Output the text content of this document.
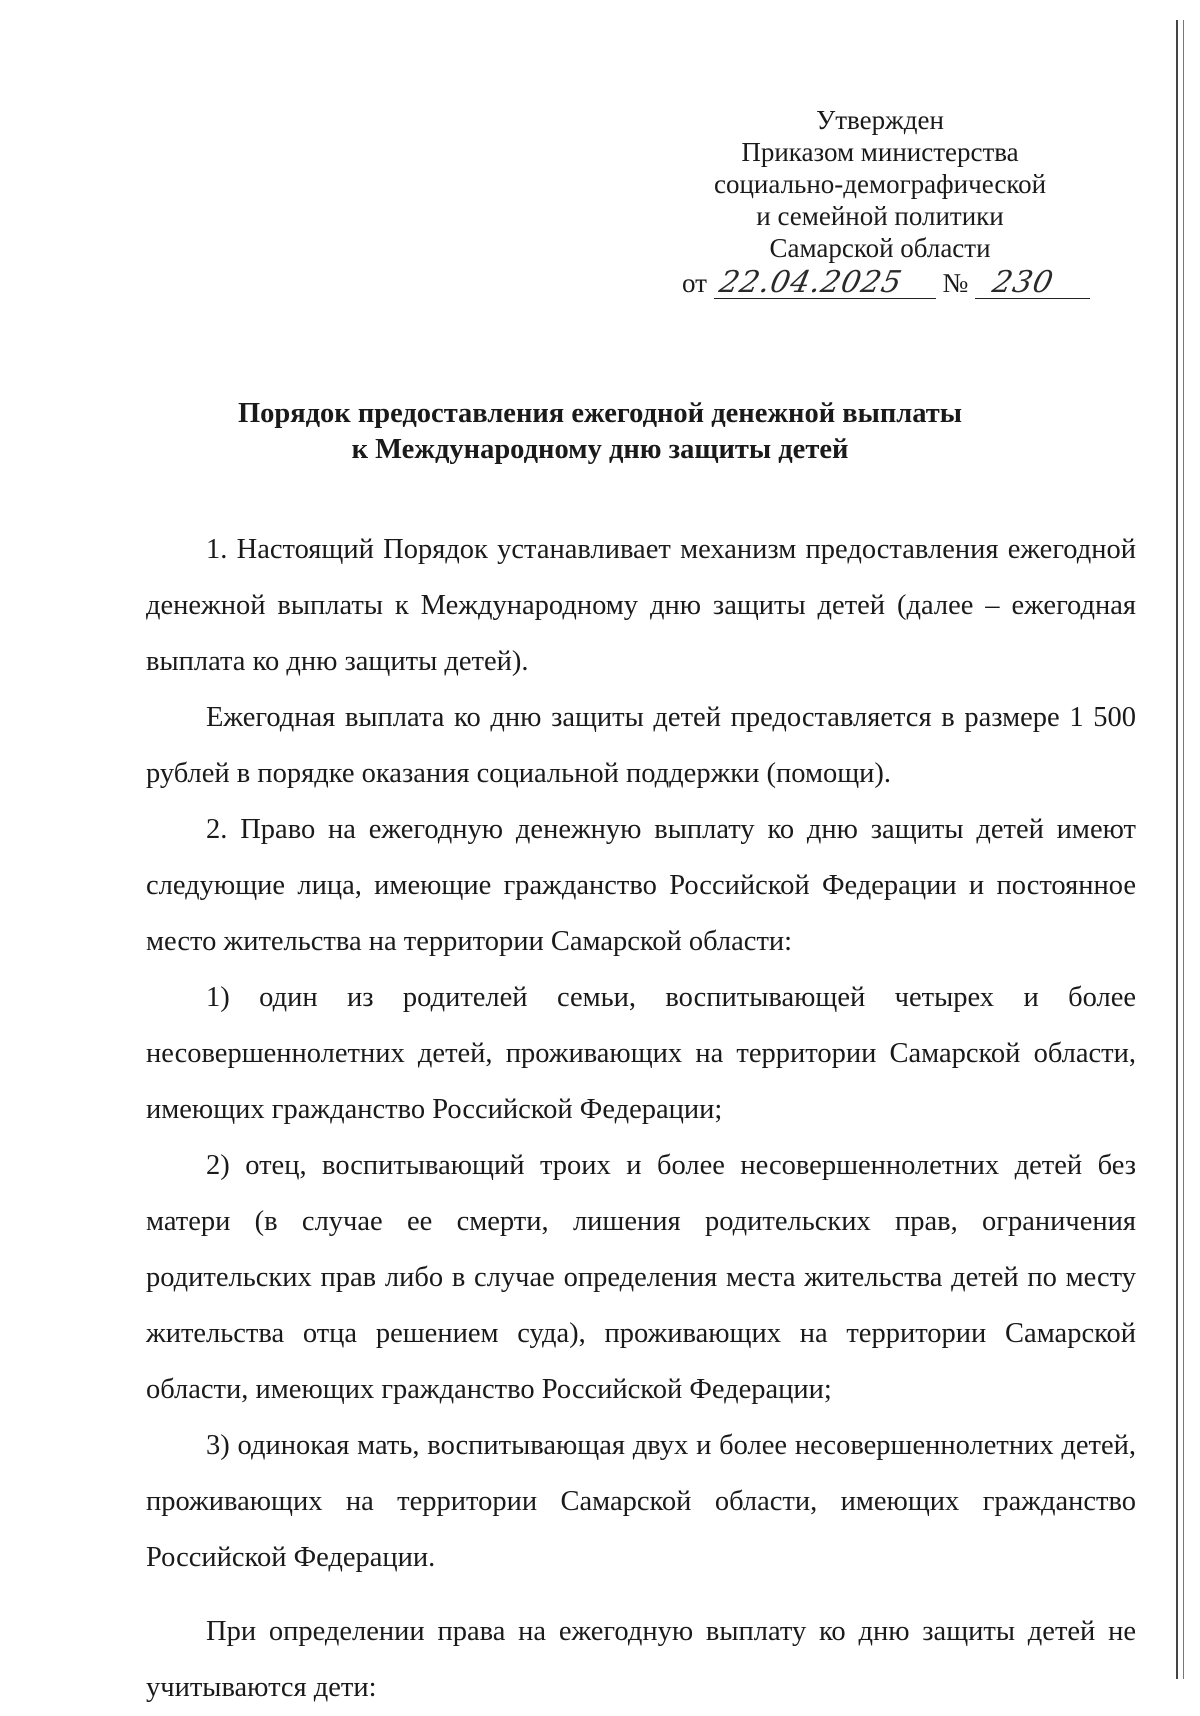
Утвержден
Приказом министерства
социально-демографической
и семейной политики
Самарской области
от 22.04.2025 № 230
Порядок предоставления ежегодной денежной выплаты
к Международному дню защиты детей

1. Настоящий Порядок устанавливает механизм предоставления ежегодной денежной выплаты к Международному дню защиты детей (далее – ежегодная выплата ко дню защиты детей).

Ежегодная выплата ко дню защиты детей предоставляется в размере 1 500 рублей в порядке оказания социальной поддержки (помощи).

2. Право на ежегодную денежную выплату ко дню защиты детей имеют следующие лица, имеющие гражданство Российской Федерации и постоянное место жительства на территории Самарской области:

1) один из родителей семьи, воспитывающей четырех и более несовершеннолетних детей, проживающих на территории Самарской области, имеющих гражданство Российской Федерации;

2) отец, воспитывающий троих и более несовершеннолетних детей без матери (в случае ее смерти, лишения родительских прав, ограничения родительских прав либо в случае определения места жительства детей по месту жительства отца решением суда), проживающих на территории Самарской области, имеющих гражданство Российской Федерации;

3) одинокая мать, воспитывающая двух и более несовершеннолетних детей, проживающих на территории Самарской области, имеющих гражданство Российской Федерации.

При определении права на ежегодную выплату ко дню защиты детей не учитываются дети:
